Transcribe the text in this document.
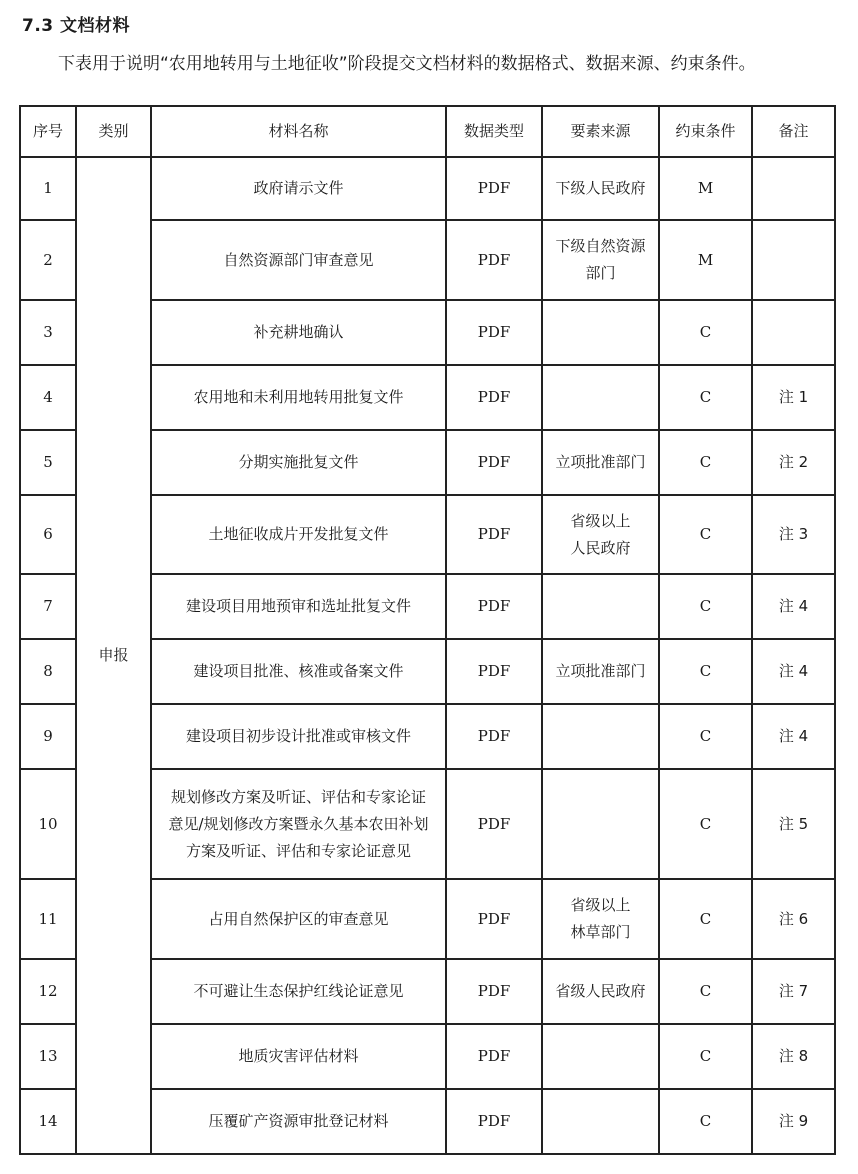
7.3 文档材料
下表用于说明“农用地转用与土地征收”阶段提交文档材料的数据格式、数据来源、约束条件。
序号	类别	材料名称	数据类型	要素来源	约束条件	备注
1	申报	政府请示文件	PDF	下级人民政府	M	
2		自然资源部门审查意见	PDF	下级自然资源
部门	M	
3		补充耕地确认	PDF		C	
4		农用地和未利用地转用批复文件	PDF		C	注 1
5		分期实施批复文件	PDF	立项批准部门	C	注 2
6		土地征收成片开发批复文件	PDF	省级以上
人民政府	C	注 3
7		建设项目用地预审和选址批复文件	PDF		C	注 4
8		建设项目批准、核准或备案文件	PDF	立项批准部门	C	注 4
9		建设项目初步设计批准或审核文件	PDF		C	注 4
10		规划修改方案及听证、评估和专家论证
意见/规划修改方案暨永久基本农田补划
方案及听证、评估和专家论证意见	PDF		C	注 5
11		占用自然保护区的审查意见	PDF	省级以上
林草部门	C	注 6
12		不可避让生态保护红线论证意见	PDF	省级人民政府	C	注 7
13		地质灾害评估材料	PDF		C	注 8
14		压覆矿产资源审批登记材料	PDF		C	注 9
